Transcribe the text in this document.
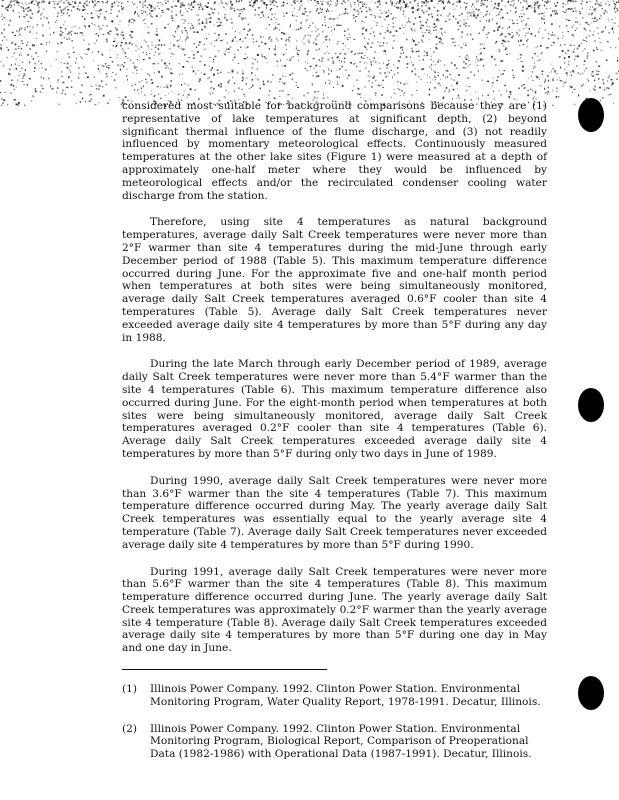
considered most suitable for background comparisons because they are (1) representative of lake temperatures at significant depth, (2) beyond significant thermal influence of the flume discharge, and (3) not readily influenced by momentary meteorological effects. Continuously measured temperatures at the other lake sites (Figure 1) were measured at a depth of approximately one-half meter where they would be influenced by meteorological effects and/or the recirculated condenser cooling water discharge from the station.

Therefore, using site 4 temperatures as natural background temperatures, average daily Salt Creek temperatures were never more than 2°F warmer than site 4 temperatures during the mid-June through early December period of 1988 (Table 5). This maximum temperature difference occurred during June. For the approximate five and one-half month period when temperatures at both sites were being simultaneously monitored, average daily Salt Creek temperatures averaged 0.6°F cooler than site 4 temperatures (Table 5). Average daily Salt Creek temperatures never exceeded average daily site 4 temperatures by more than 5°F during any day in 1988.

During the late March through early December period of 1989, average daily Salt Creek temperatures were never more than 5.4°F warmer than the site 4 temperatures (Table 6). This maximum temperature difference also occurred during June. For the eight-month period when temperatures at both sites were being simultaneously monitored, average daily Salt Creek temperatures averaged 0.2°F cooler than site 4 temperatures (Table 6). Average daily Salt Creek temperatures exceeded average daily site 4 temperatures by more than 5°F during only two days in June of 1989.

During 1990, average daily Salt Creek temperatures were never more than 3.6°F warmer than the site 4 temperatures (Table 7). This maximum temperature difference occurred during May. The yearly average daily Salt Creek temperatures was essentially equal to the yearly average site 4 temperature (Table 7). Average daily Salt Creek temperatures never exceeded average daily site 4 temperatures by more than 5°F during 1990.

During 1991, average daily Salt Creek temperatures were never more than 5.6°F warmer than the site 4 temperatures (Table 8). This maximum temperature difference occurred during June. The yearly average daily Salt Creek temperatures was approximately 0.2°F warmer than the yearly average site 4 temperature (Table 8). Average daily Salt Creek temperatures exceeded average daily site 4 temperatures by more than 5°F during one day in May and one day in June.

(1) Illinois Power Company. 1992. Clinton Power Station. Environmental Monitoring Program, Water Quality Report, 1978-1991. Decatur, Illinois.
(2) Illinois Power Company. 1992. Clinton Power Station. Environmental Monitoring Program, Biological Report, Comparison of Preoperational Data (1982-1986) with Operational Data (1987-1991). Decatur, Illinois.
